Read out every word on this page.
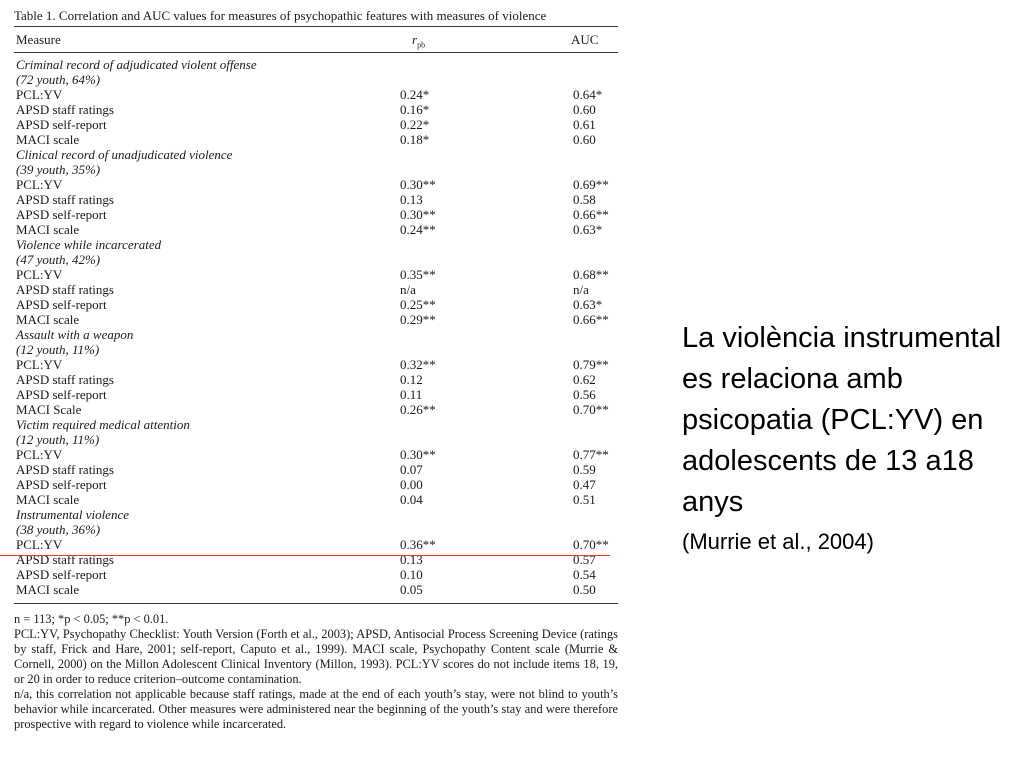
Table 1. Correlation and AUC values for measures of psychopathic features with measures of violence
Measure	$r_{pb}$	AUC
Criminal record of adjudicated violent offense
(72 youth, 64%)
PCL:YV	0.24*	0.64*
APSD staff ratings	0.16*	0.60
APSD self-report	0.22*	0.61
MACI scale	0.18*	0.60
Clinical record of unadjudicated violence
(39 youth, 35%)
PCL:YV	0.30**	0.69**
APSD staff ratings	0.13	0.58
APSD self-report	0.30**	0.66**
MACI scale	0.24**	0.63*
Violence while incarcerated
(47 youth, 42%)
PCL:YV	0.35**	0.68**
APSD staff ratings	n/a	n/a
APSD self-report	0.25**	0.63*
MACI scale	0.29**	0.66**
Assault with a weapon
(12 youth, 11%)
PCL:YV	0.32**	0.79**
APSD staff ratings	0.12	0.62
APSD self-report	0.11	0.56
MACI Scale	0.26**	0.70**
Victim required medical attention
(12 youth, 11%)
PCL:YV	0.30**	0.77**
APSD staff ratings	0.07	0.59
APSD self-report	0.00	0.47
MACI scale	0.04	0.51
Instrumental violence
(38 youth, 36%)
PCL:YV	0.36**	0.70**
APSD staff ratings	0.13	0.57
APSD self-report	0.10	0.54
MACI scale	0.05	0.50

n = 113; *p < 0.05; **p < 0.01.

PCL:YV, Psychopathy Checklist: Youth Version (Forth et al., 2003); APSD, Antisocial Process Screening Device (ratings by staff, Frick and Hare, 2001; self-report, Caputo et al., 1999). MACI scale, Psychopathy Content scale (Murrie & Cornell, 2000) on the Millon Adolescent Clinical Inventory (Millon, 1993). PCL:YV scores do not include items 18, 19, or 20 in order to reduce criterion–outcome contamination.

n/a, this correlation not applicable because staff ratings, made at the end of each youth’s stay, were not blind to youth’s behavior while incarcerated. Other measures were administered near the beginning of the youth’s stay and were therefore prospective with regard to violence while incarcerated.

La violència instrumental es relaciona amb psicopatia (PCL:YV) en adolescents de 13 a18 anys
(Murrie et al., 2004)
